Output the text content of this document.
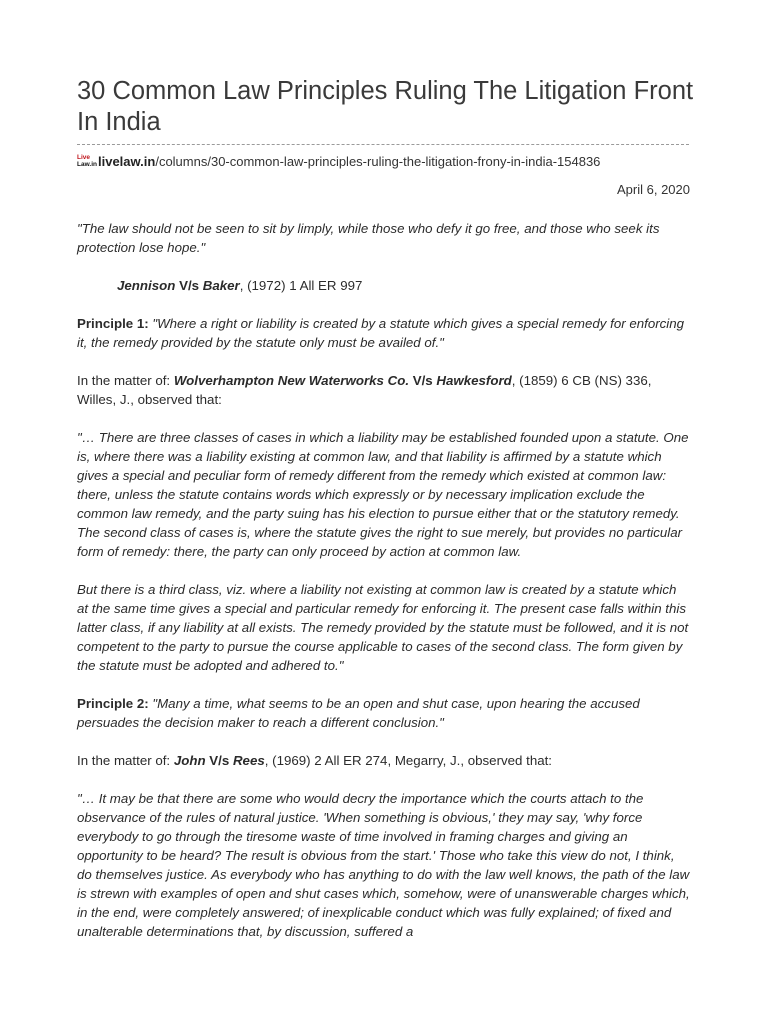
30 Common Law Principles Ruling The Litigation Front In India
Live
Law.in livelaw.in /columns/30-common-law-principles-ruling-the-litigation-frony-in-india-154836
April 6, 2020

"The law should not be seen to sit by limply, while those who defy it go free, and those who seek its protection lose hope."

Jennison V/s Baker, (1972) 1 All ER 997

Principle 1: "Where a right or liability is created by a statute which gives a special remedy for enforcing it, the remedy provided by the statute only must be availed of."

In the matter of: Wolverhampton New Waterworks Co. V/s Hawkesford, (1859) 6 CB (NS) 336, Willes, J., observed that:

"… There are three classes of cases in which a liability may be established founded upon a statute. One is, where there was a liability existing at common law, and that liability is affirmed by a statute which gives a special and peculiar form of remedy different from the remedy which existed at common law: there, unless the statute contains words which expressly or by necessary implication exclude the common law remedy, and the party suing has his election to pursue either that or the statutory remedy. The second class of cases is, where the statute gives the right to sue merely, but provides no particular form of remedy: there, the party can only proceed by action at common law.

But there is a third class, viz. where a liability not existing at common law is created by a statute which at the same time gives a special and particular remedy for enforcing it. The present case falls within this latter class, if any liability at all exists. The remedy provided by the statute must be followed, and it is not competent to the party to pursue the course applicable to cases of the second class. The form given by the statute must be adopted and adhered to."

Principle 2: "Many a time, what seems to be an open and shut case, upon hearing the accused persuades the decision maker to reach a different conclusion."

In the matter of: John V/s Rees, (1969) 2 All ER 274, Megarry, J., observed that:

"… It may be that there are some who would decry the importance which the courts attach to the observance of the rules of natural justice. 'When something is obvious,' they may say, 'why force everybody to go through the tiresome waste of time involved in framing charges and giving an opportunity to be heard? The result is obvious from the start.' Those who take this view do not, I think, do themselves justice. As everybody who has anything to do with the law well knows, the path of the law is strewn with examples of open and shut cases which, somehow, were of unanswerable charges which, in the end, were completely answered; of inexplicable conduct which was fully explained; of fixed and unalterable determinations that, by discussion, suffered a
